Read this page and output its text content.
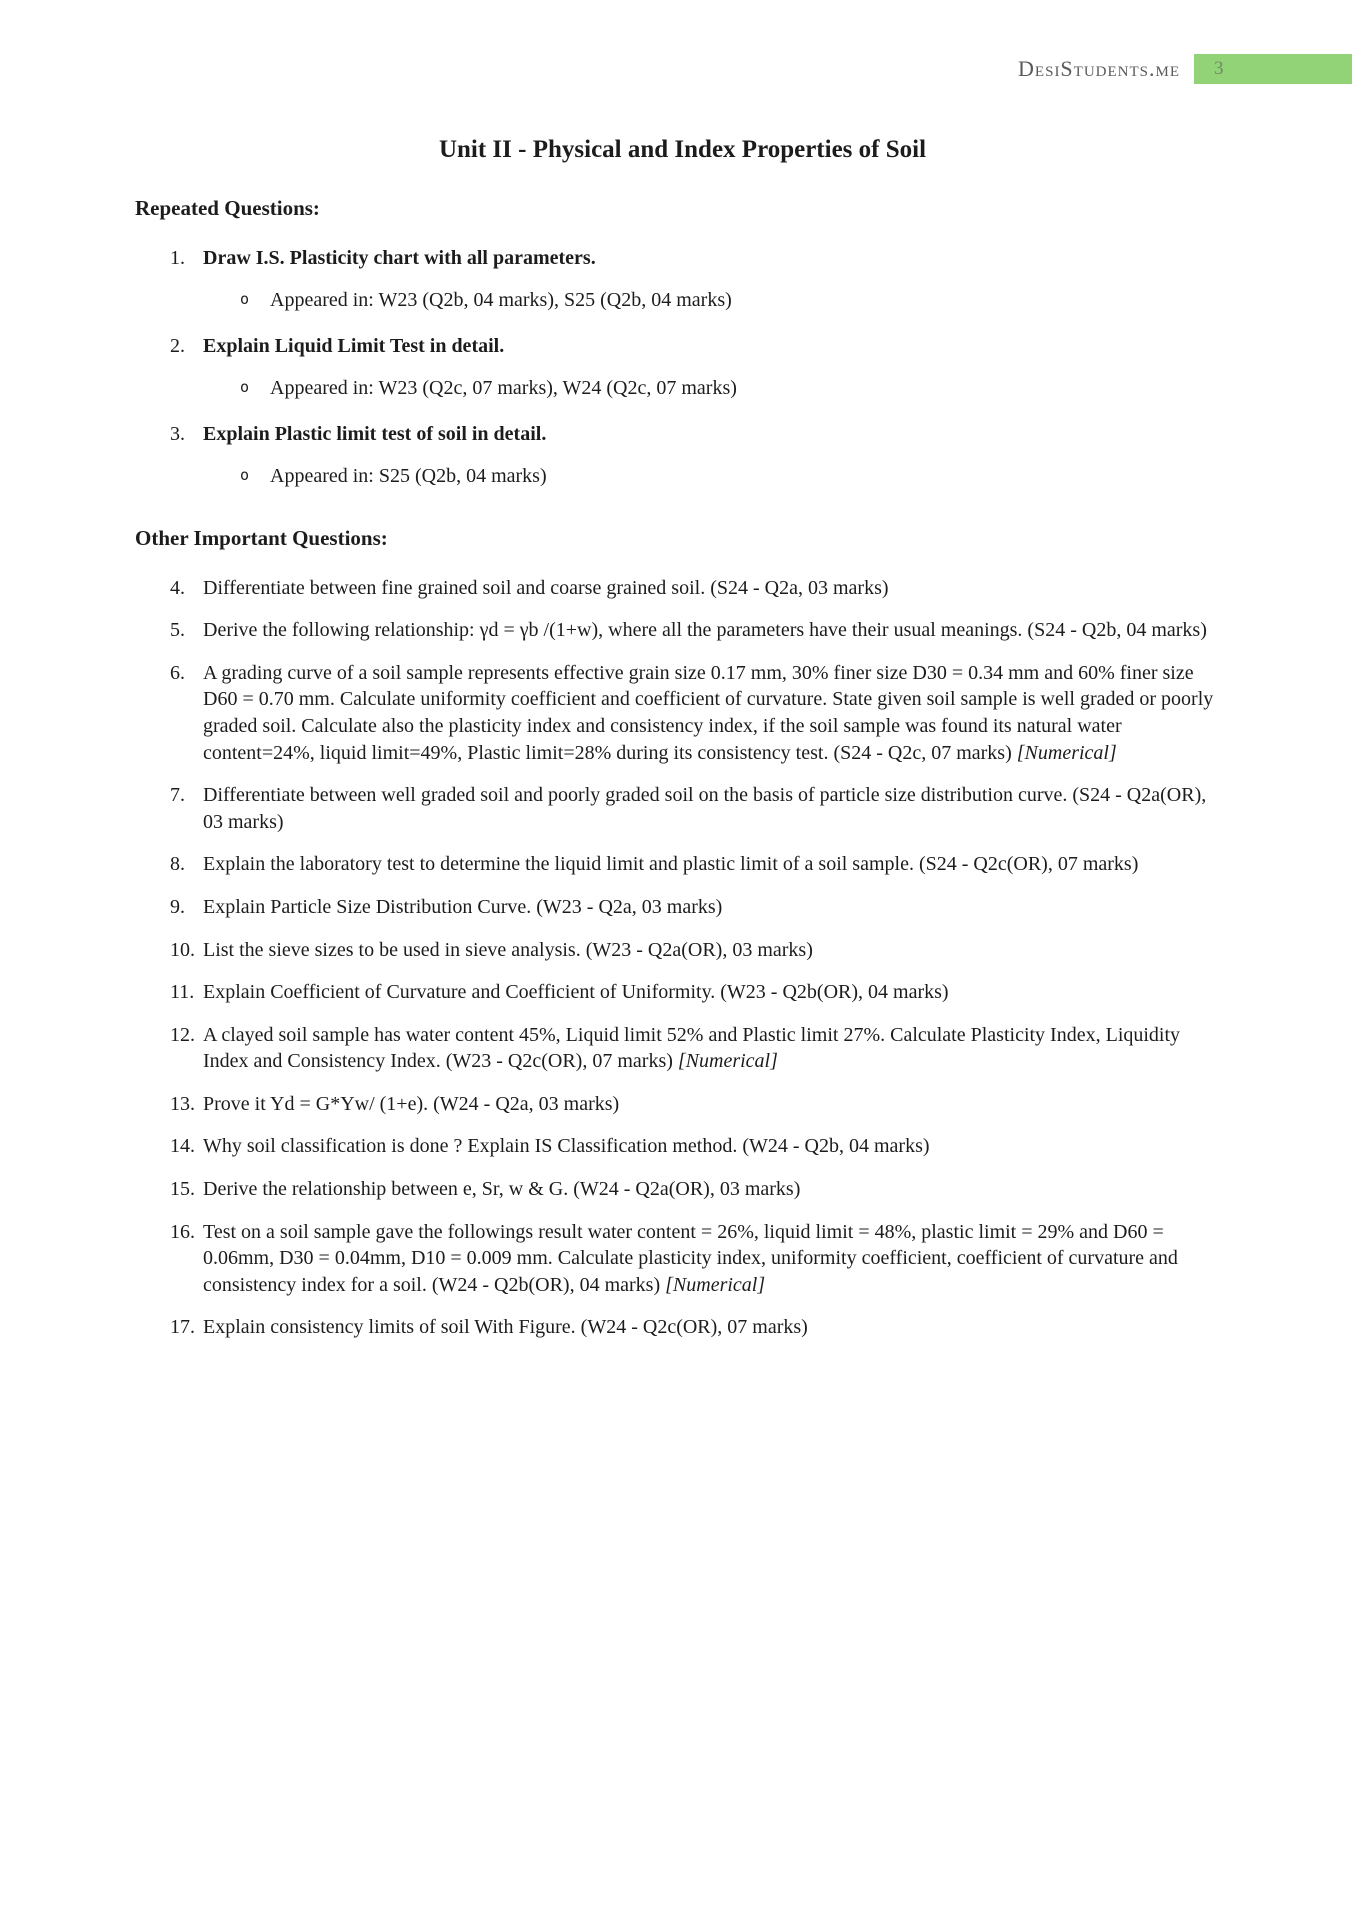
DesiStudents.me 3
Unit II - Physical and Index Properties of Soil
Repeated Questions:
1. Draw I.S. Plasticity chart with all parameters.
o	Appeared in: W23 (Q2b, 04 marks), S25 (Q2b, 04 marks)
2. Explain Liquid Limit Test in detail.
o	Appeared in: W23 (Q2c, 07 marks), W24 (Q2c, 07 marks)
3. Explain Plastic limit test of soil in detail.
o	Appeared in: S25 (Q2b, 04 marks)
Other Important Questions:
4. Differentiate between fine grained soil and coarse grained soil. (S24 - Q2a, 03 marks)
5. Derive the following relationship: γd = γb /(1+w), where all the parameters have their usual meanings. (S24 - Q2b, 04 marks)
6. A grading curve of a soil sample represents effective grain size 0.17 mm, 30% finer size D30 = 0.34 mm and 60% finer size D60 = 0.70 mm. Calculate uniformity coefficient and coefficient of curvature. State given soil sample is well graded or poorly graded soil. Calculate also the plasticity index and consistency index, if the soil sample was found its natural water content=24%, liquid limit=49%, Plastic limit=28% during its consistency test. (S24 - Q2c, 07 marks) [Numerical]
7. Differentiate between well graded soil and poorly graded soil on the basis of particle size distribution curve. (S24 - Q2a(OR), 03 marks)
8. Explain the laboratory test to determine the liquid limit and plastic limit of a soil sample. (S24 - Q2c(OR), 07 marks)
9. Explain Particle Size Distribution Curve. (W23 - Q2a, 03 marks)
10. List the sieve sizes to be used in sieve analysis. (W23 - Q2a(OR), 03 marks)
11. Explain Coefficient of Curvature and Coefficient of Uniformity. (W23 - Q2b(OR), 04 marks)
12. A clayed soil sample has water content 45%, Liquid limit 52% and Plastic limit 27%. Calculate Plasticity Index, Liquidity Index and Consistency Index. (W23 - Q2c(OR), 07 marks) [Numerical]
13. Prove it Yd = G*Yw/ (1+e). (W24 - Q2a, 03 marks)
14. Why soil classification is done ? Explain IS Classification method. (W24 - Q2b, 04 marks)
15. Derive the relationship between e, Sr, w & G. (W24 - Q2a(OR), 03 marks)
16. Test on a soil sample gave the followings result water content = 26%, liquid limit = 48%, plastic limit = 29% and D60 = 0.06mm, D30 = 0.04mm, D10 = 0.009 mm. Calculate plasticity index, uniformity coefficient, coefficient of curvature and consistency index for a soil. (W24 - Q2b(OR), 04 marks) [Numerical]
17. Explain consistency limits of soil With Figure. (W24 - Q2c(OR), 07 marks)
